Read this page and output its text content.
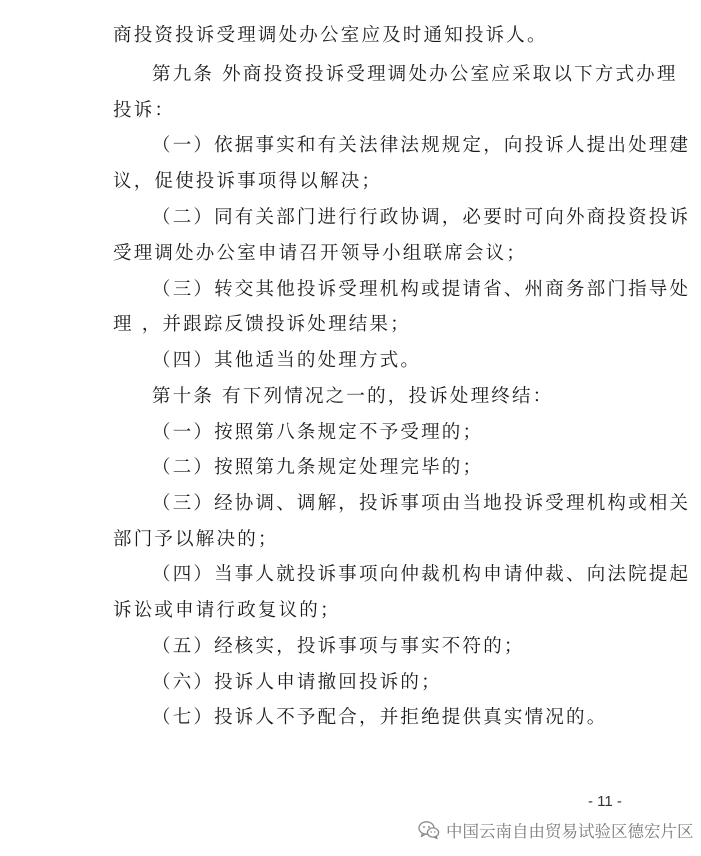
商投资投诉受理调处办公室应及时通知投诉人。
第九条 外商投资投诉受理调处办公室应采取以下方式办理
投诉：
（一）依据事实和有关法律法规规定，向投诉人提出处理建
议，促使投诉事项得以解决；
（二）同有关部门进行行政协调，必要时可向外商投资投诉
受理调处办公室申请召开领导小组联席会议；
（三）转交其他投诉受理机构或提请省、州商务部门指导处
理 ，并跟踪反馈投诉处理结果；
（四）其他适当的处理方式。
第十条 有下列情况之一的，投诉处理终结：
（一）按照第八条规定不予受理的；
（二）按照第九条规定处理完毕的；
（三）经协调、调解，投诉事项由当地投诉受理机构或相关
部门予以解决的；
（四）当事人就投诉事项向仲裁机构申请仲裁、向法院提起
诉讼或申请行政复议的；
（五）经核实，投诉事项与事实不符的；
（六）投诉人申请撤回投诉的；
（七）投诉人不予配合，并拒绝提供真实情况的。
- 11 -
中国云南自由贸易试验区德宏片区
